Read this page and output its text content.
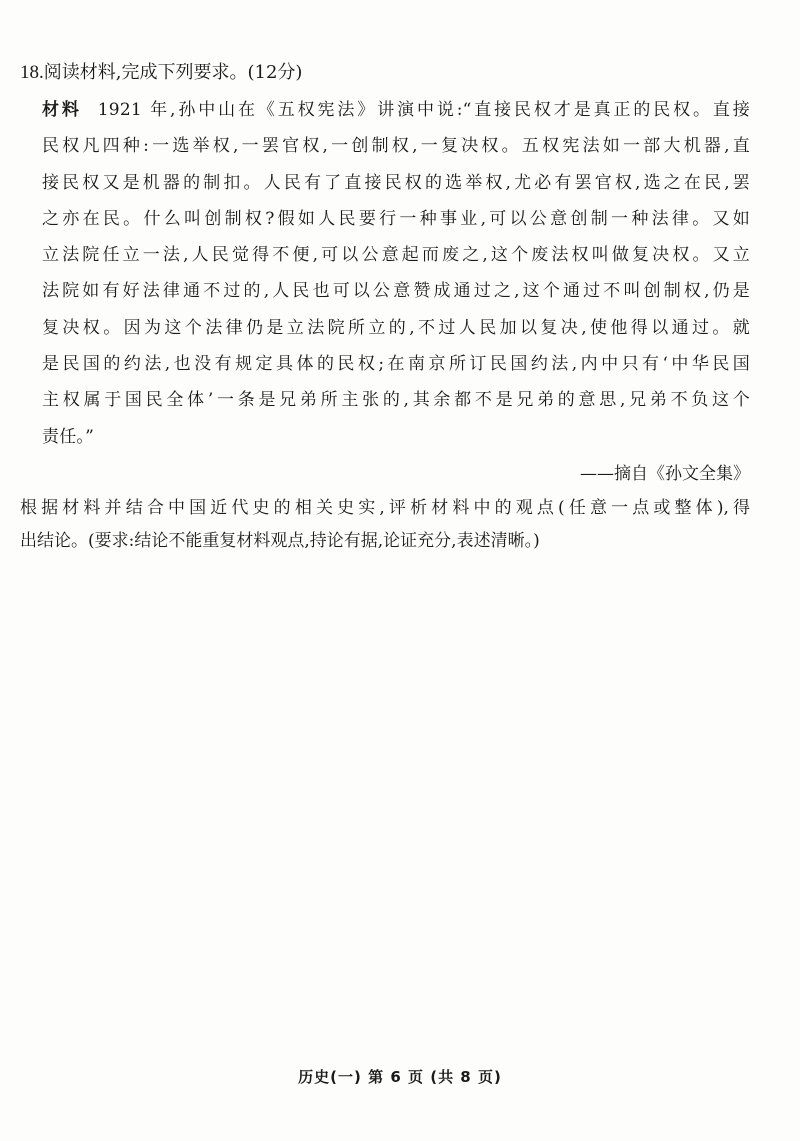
18.阅读材料,完成下列要求。(12分)
材料 1921 年,孙中山在《五权宪法》讲演中说:“直接民权才是真正的民权。直接
民权凡四种:一选举权,一罢官权,一创制权,一复决权。五权宪法如一部大机器,直
接民权又是机器的制扣。人民有了直接民权的选举权,尤必有罢官权,选之在民,罢
之亦在民。什么叫创制权?假如人民要行一种事业,可以公意创制一种法律。又如
立法院任立一法,人民觉得不便,可以公意起而废之,这个废法权叫做复决权。又立
法院如有好法律通不过的,人民也可以公意赞成通过之,这个通过不叫创制权,仍是
复决权。因为这个法律仍是立法院所立的,不过人民加以复决,使他得以通过。就
是民国的约法,也没有规定具体的民权;在南京所订民国约法,内中只有‘中华民国
主权属于国民全体’一条是兄弟所主张的,其余都不是兄弟的意思,兄弟不负这个
责任。”
——摘自《孙文全集》
根据材料并结合中国近代史的相关史实,评析材料中的观点(任意一点或整体),得
出结论。(要求:结论不能重复材料观点,持论有据,论证充分,表述清晰。)
历史(一) 第 6 页 (共 8 页)
